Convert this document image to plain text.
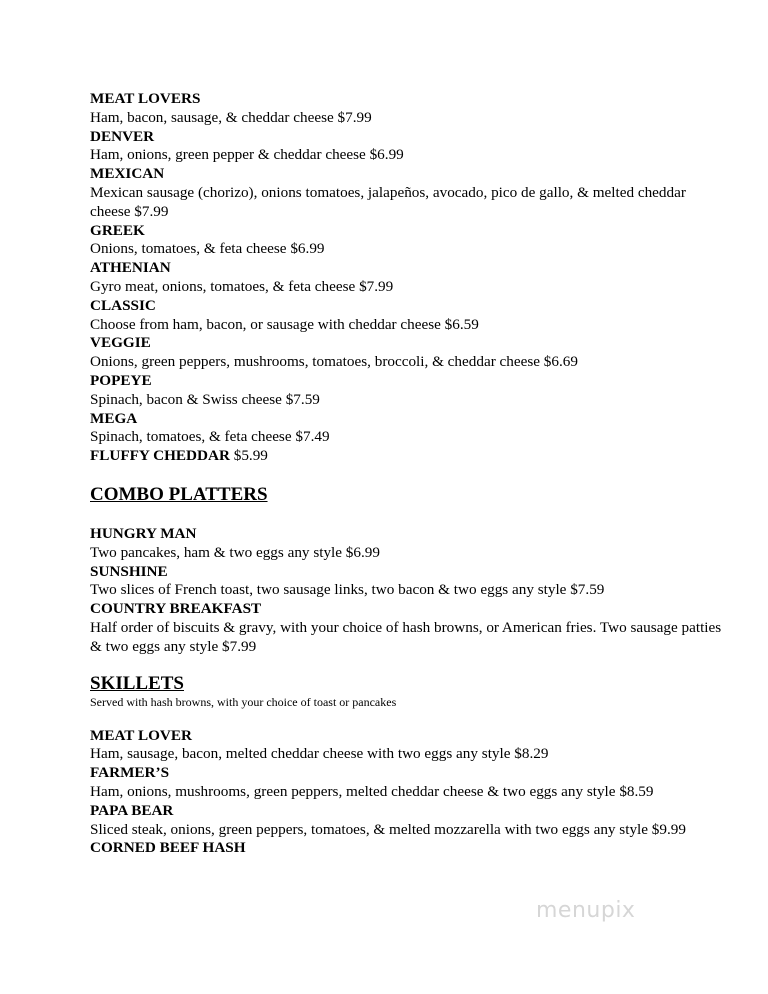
MEAT LOVERS
Ham, bacon, sausage, & cheddar cheese $7.99
DENVER
Ham, onions, green pepper & cheddar cheese $6.99
MEXICAN
Mexican sausage (chorizo), onions tomatoes, jalapeños, avocado, pico de gallo, & melted cheddar cheese $7.99
GREEK
Onions, tomatoes, & feta cheese $6.99
ATHENIAN
Gyro meat, onions, tomatoes, & feta cheese $7.99
CLASSIC
Choose from ham, bacon, or sausage with cheddar cheese $6.59
VEGGIE
Onions, green peppers, mushrooms, tomatoes, broccoli, & cheddar cheese $6.69
POPEYE
Spinach, bacon & Swiss cheese $7.59
MEGA
Spinach, tomatoes, & feta cheese $7.49
FLUFFY CHEDDAR $5.99
COMBO PLATTERS
HUNGRY MAN
Two pancakes, ham & two eggs any style $6.99
SUNSHINE
Two slices of French toast, two sausage links, two bacon & two eggs any style $7.59
COUNTRY BREAKFAST
Half order of biscuits & gravy, with your choice of hash browns, or American fries. Two sausage patties & two eggs any style $7.99
SKILLETS
Served with hash browns, with your choice of toast or pancakes
MEAT LOVER
Ham, sausage, bacon, melted cheddar cheese with two eggs any style $8.29
FARMER’S
Ham, onions, mushrooms, green peppers, melted cheddar cheese & two eggs any style $8.59
PAPA BEAR
Sliced steak, onions, green peppers, tomatoes, & melted mozzarella with two eggs any style $9.99
CORNED BEEF HASH
menupix
